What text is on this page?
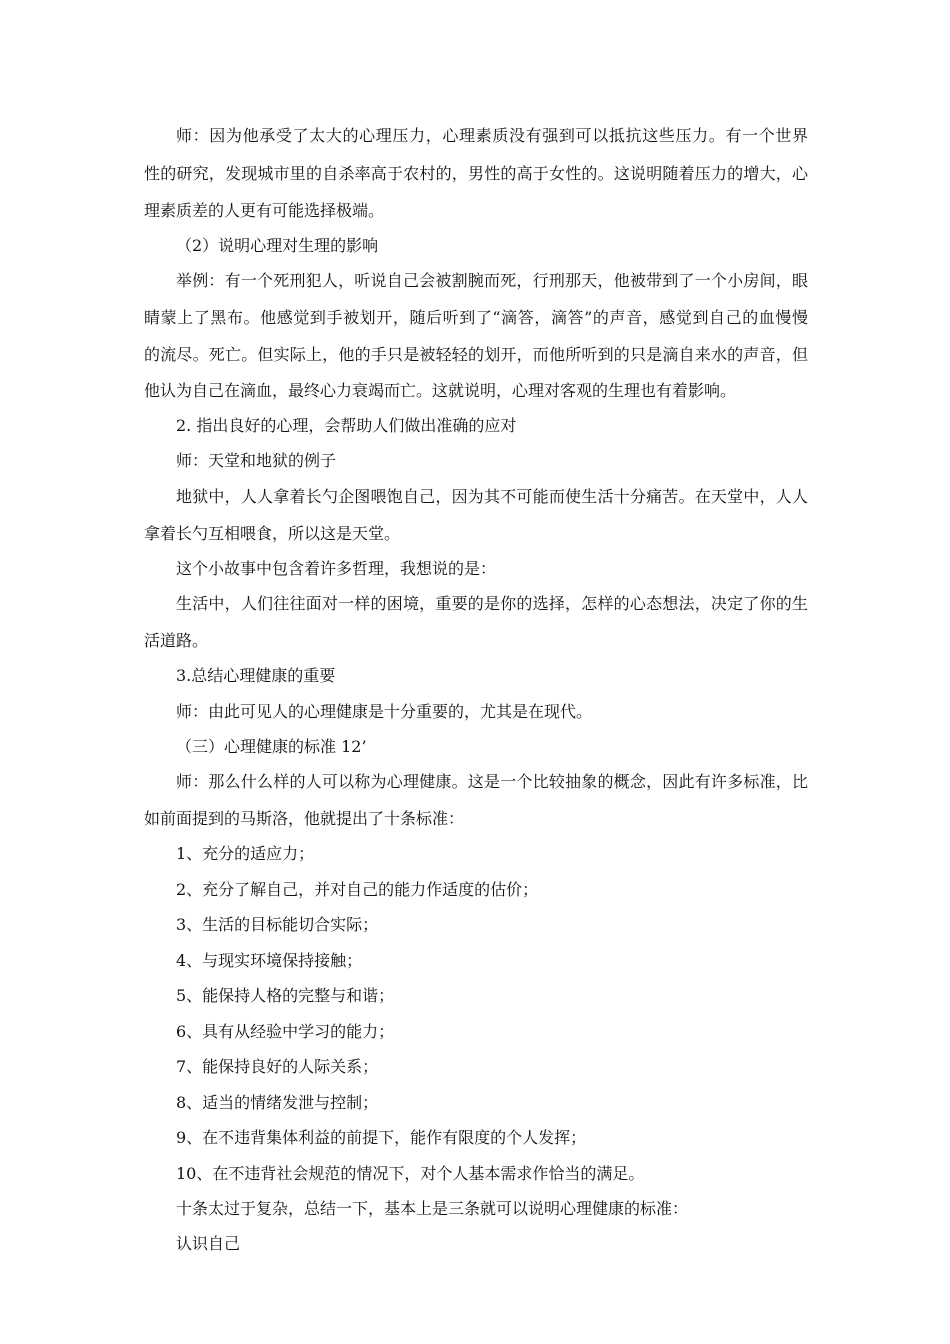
师：因为他承受了太大的心理压力，心理素质没有强到可以抵抗这些压力。有一个世界
性的研究，发现城市里的自杀率高于农村的，男性的高于女性的。这说明随着压力的增大，心
理素质差的人更有可能选择极端。
（2）说明心理对生理的影响
举例：有一个死刑犯人，听说自己会被割腕而死，行刑那天，他被带到了一个小房间，眼
睛蒙上了黑布。他感觉到手被划开，随后听到了“滴答，滴答”的声音，感觉到自己的血慢慢
的流尽。死亡。但实际上，他的手只是被轻轻的划开，而他所听到的只是滴自来水的声音，但
他认为自己在滴血，最终心力衰竭而亡。这就说明，心理对客观的生理也有着影响。
2. 指出良好的心理，会帮助人们做出准确的应对
师：天堂和地狱的例子
地狱中，人人拿着长勺企图喂饱自己，因为其不可能而使生活十分痛苦。在天堂中，人人
拿着长勺互相喂食，所以这是天堂。
这个小故事中包含着许多哲理，我想说的是：
生活中，人们往往面对一样的困境，重要的是你的选择，怎样的心态想法，决定了你的生
活道路。
3.总结心理健康的重要
师：由此可见人的心理健康是十分重要的，尤其是在现代。
（三）心理健康的标准 12’
师：那么什么样的人可以称为心理健康。这是一个比较抽象的概念，因此有许多标准，比
如前面提到的马斯洛，他就提出了十条标准：
1、充分的适应力；
2、充分了解自己，并对自己的能力作适度的估价；
3、生活的目标能切合实际；
4、与现实环境保持接触；
5、能保持人格的完整与和谐；
6、具有从经验中学习的能力；
7、能保持良好的人际关系；
8、适当的情绪发泄与控制；
9、在不违背集体利益的前提下，能作有限度的个人发挥；
10、在不违背社会规范的情况下，对个人基本需求作恰当的满足。
十条太过于复杂，总结一下，基本上是三条就可以说明心理健康的标准：
认识自己
